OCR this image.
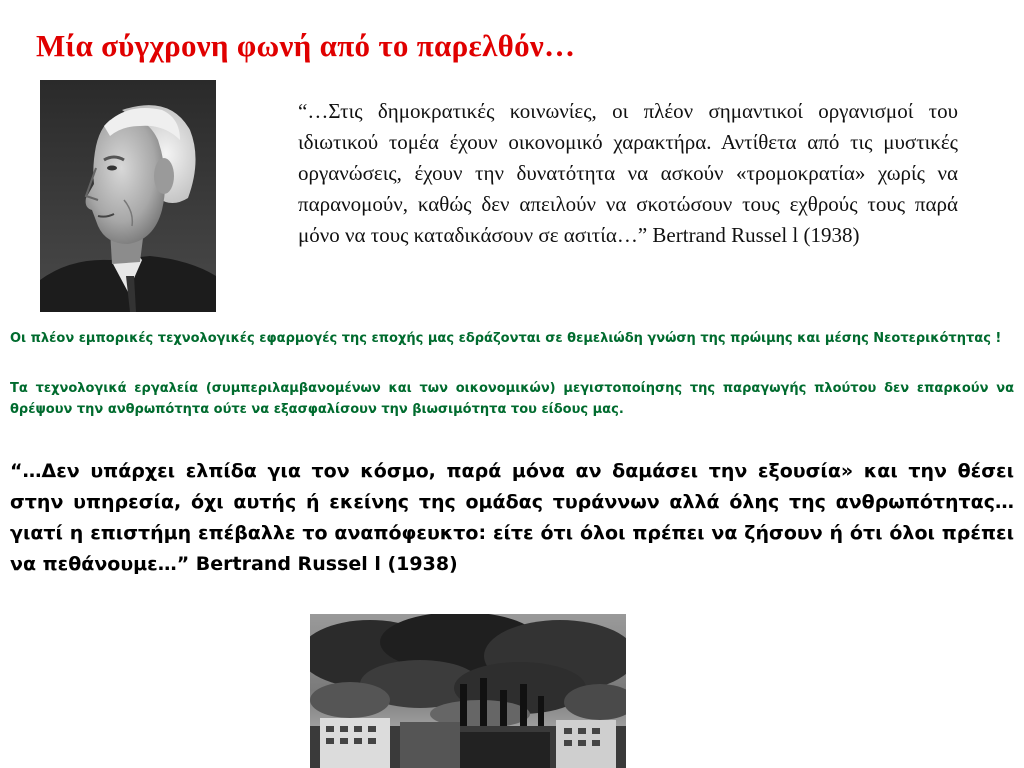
Μία σύγχρονη φωνή από το παρελθόν…
“…Στις δημοκρατικές κοινωνίες, οι πλέον σημαντικοί οργανισμοί του ιδιωτικού τομέα έχουν οικονομικό χαρακτήρα. Αντίθετα από τις μυστικές οργανώσεις, έχουν την δυνατότητα να ασκούν «τρομοκρατία» χωρίς να παρανομούν, καθώς δεν απειλούν να σκοτώσουν τους εχθρούς τους παρά μόνο να τους καταδικάσουν σε ασιτία…” Bertrand Russel l (1938)

Οι πλέον εμπορικές τεχνολογικές εφαρμογές της εποχής μας εδράζονται σε θεμελιώδη γνώση της πρώιμης και μέσης Νεοτερικότητας !

Τα τεχνολογικά εργαλεία (συμπεριλαμβανομένων και των οικονομικών) μεγιστοποίησης της παραγωγής πλούτου δεν επαρκούν να θρέψουν την ανθρωπότητα ούτε να εξασφαλίσουν την βιωσιμότητα του είδους μας.

“…Δεν υπάρχει ελπίδα για τον κόσμο, παρά μόνα αν δαμάσει την εξουσία» και την θέσει στην υπηρεσία, όχι αυτής ή εκείνης της ομάδας τυράννων αλλά όλης της ανθρωπότητας… γιατί η επιστήμη επέβαλλε το αναπόφευκτο: είτε ότι όλοι πρέπει να ζήσουν ή ότι όλοι πρέπει να πεθάνουμε…” Bertrand Russel l (1938)
